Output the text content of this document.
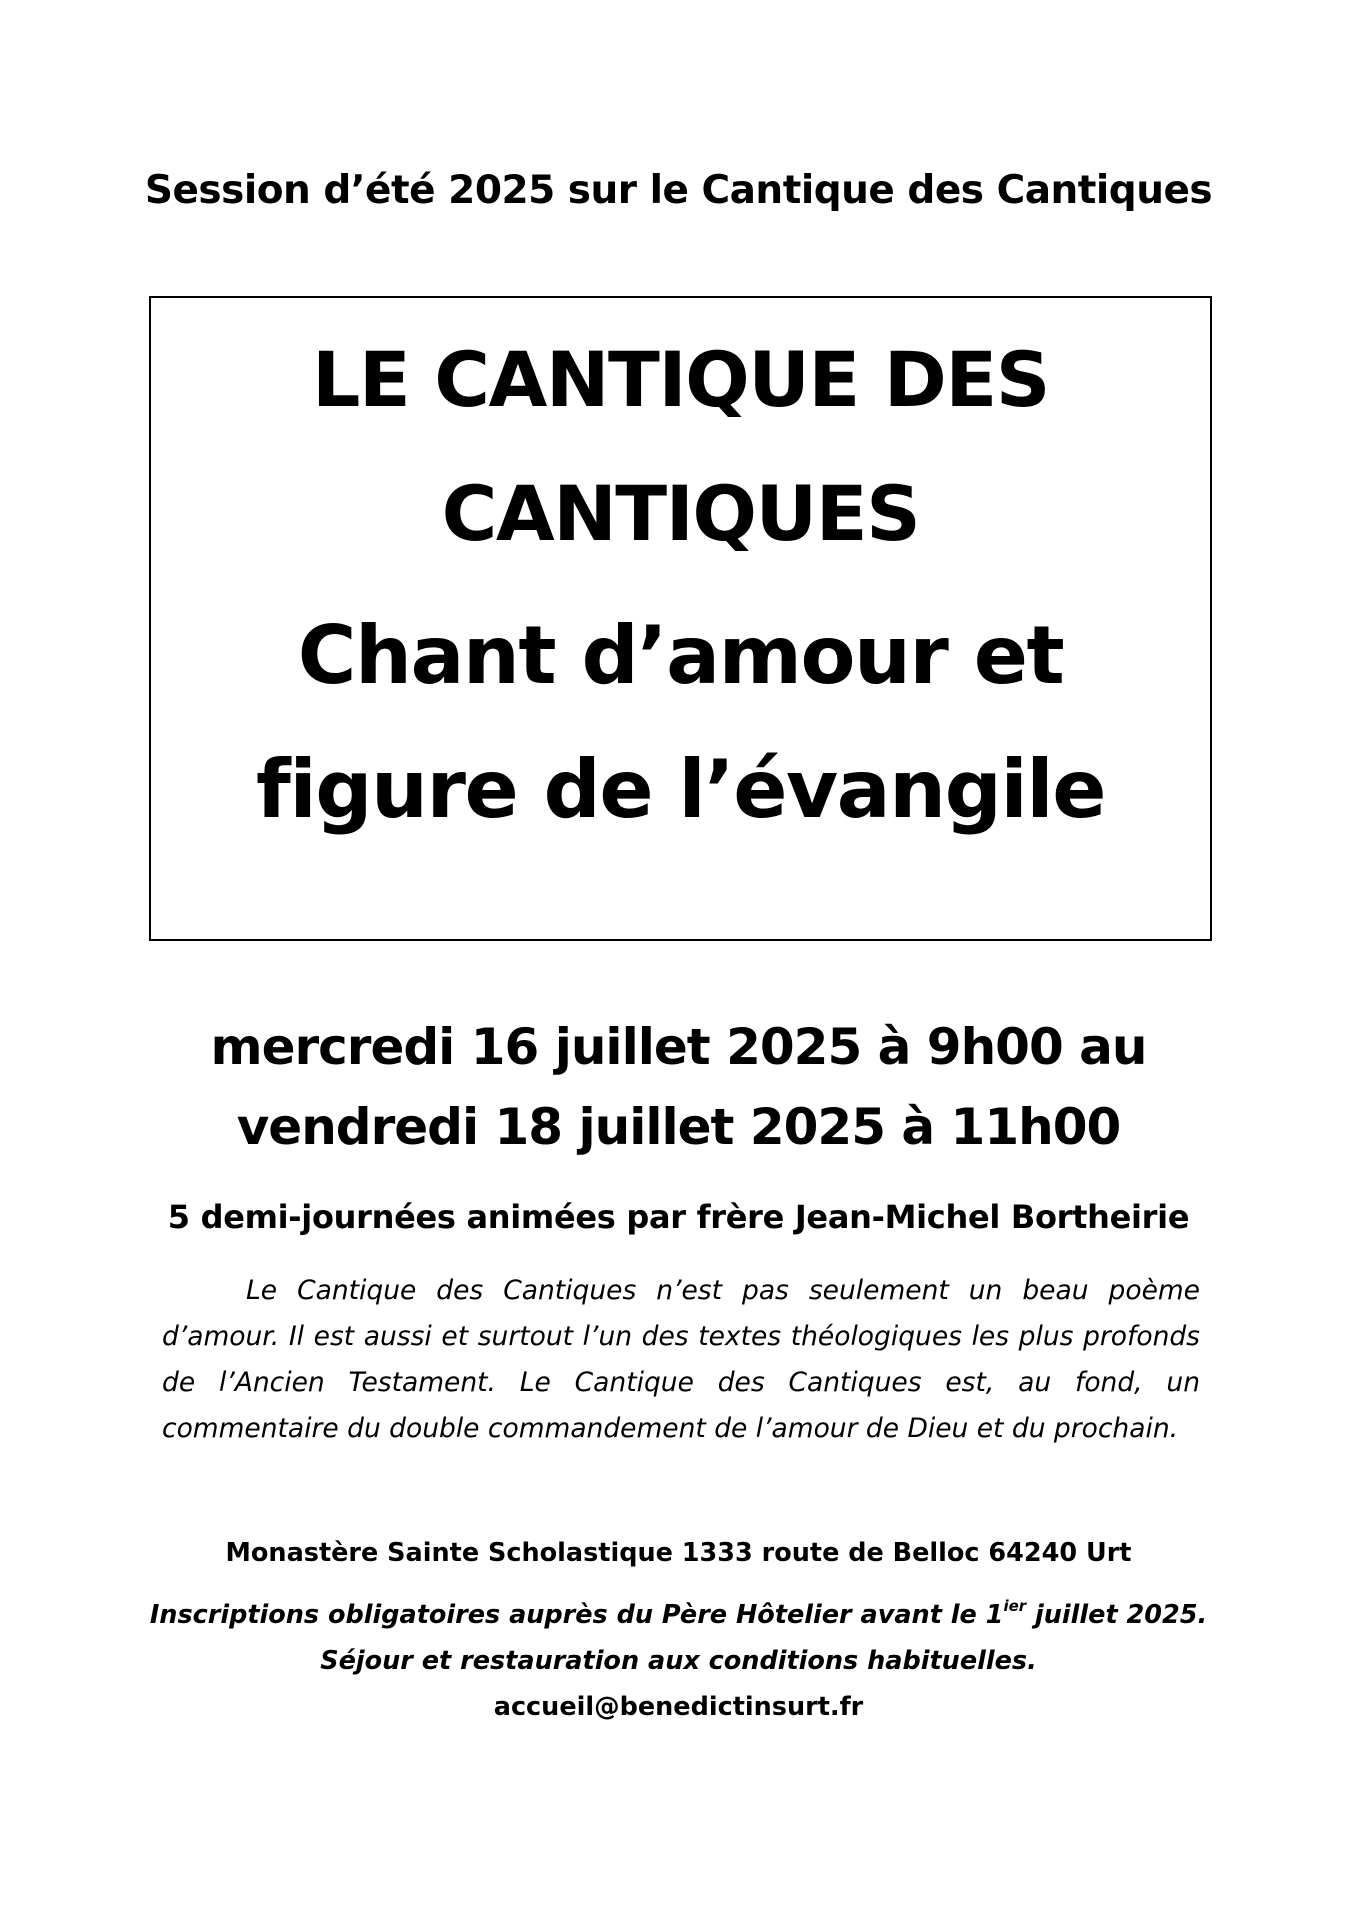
Session d’été 2025 sur le Cantique des Cantiques
LE CANTIQUE DES
CANTIQUES
Chant d’amour et
figure de l’évangile
mercredi 16 juillet 2025 à 9h00 au
vendredi 18 juillet 2025 à 11h00
5 demi-journées animées par frère Jean-Michel Bortheirie

Le Cantique des Cantiques n’est pas seulement un beau poème d’amour. Il est aussi et surtout l’un des textes théologiques les plus profonds de l’Ancien Testament. Le Cantique des Cantiques est, au fond, un commentaire du double commandement de l’amour de Dieu et du prochain.

Monastère Sainte Scholastique 1333 route de Belloc 64240 Urt
Inscriptions obligatoires auprès du Père Hôtelier avant le $1^{ier}$ juillet 2025.
Séjour et restauration aux conditions habituelles.
accueil@benedictinsurt.fr
